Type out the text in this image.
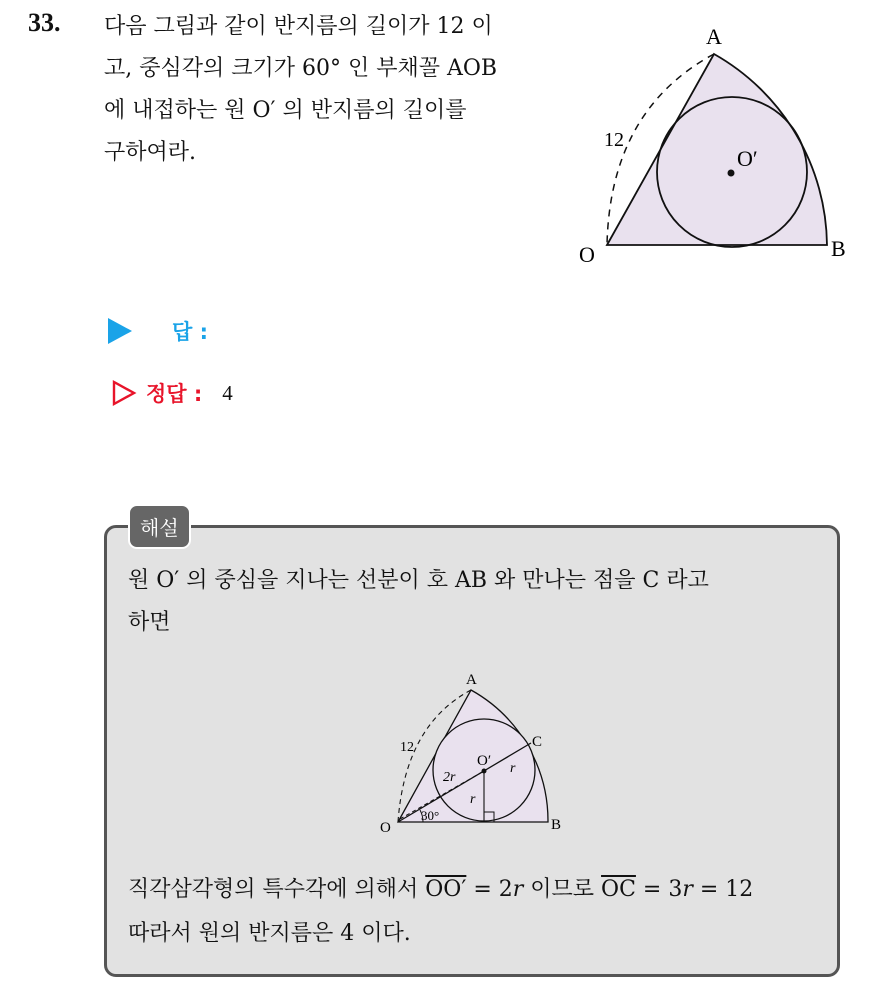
33. 다음 그림과 같이 반지름의 길이가 12 이
고, 중심각의 크기가 60° 인 부채꼴 AOB
에 내접하는 원 O′ 의 반지름의 길이를
구하여라.
A
B
O
O′
12
답 :
정답 : 4
해설
원 O′ 의 중심을 지나는 선분이 호 AB 와 만나는 점을 C 라고
하면
A
B
C
O
O′
12
2r
r
r
30°
직각삼각형의 특수각에 의해서 OO′ = 2r 이므로 $\overline{OC} = 3r = 12$
따라서 원의 반지름은 4 이다.
